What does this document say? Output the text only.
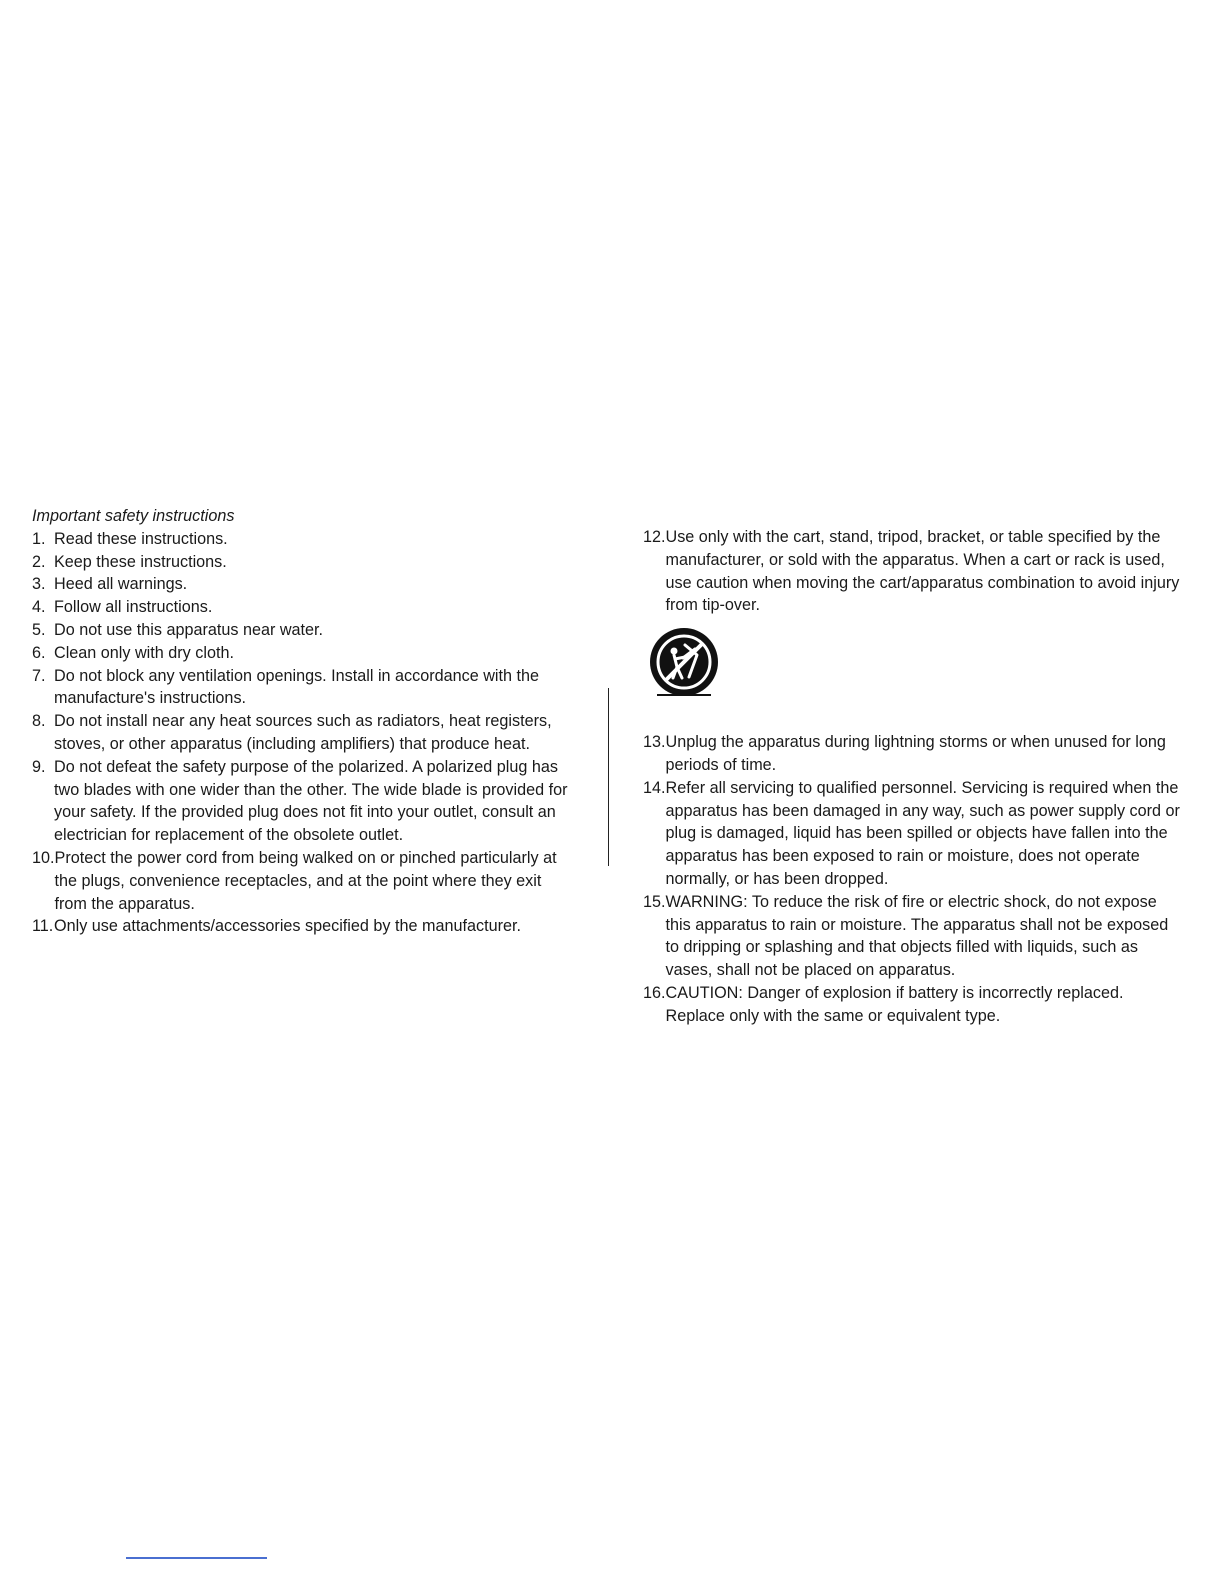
Important safety instructions
1. Read these instructions.
2. Keep these instructions.
3. Heed all warnings.
4. Follow all instructions.
5. Do not use this apparatus near water.
6. Clean only with dry cloth.
7. Do not block any ventilation openings. Install in accordance with the manufacture's instructions.
8. Do not install near any heat sources such as radiators, heat registers, stoves, or other apparatus (including amplifiers) that produce heat.
9. Do not defeat the safety purpose of the polarized. A polarized plug has two blades with one wider than the other. The wide blade is provided for your safety. If the provided plug does not fit into your outlet, consult an electrician for replacement of the obsolete outlet.
10. Protect the power cord from being walked on or pinched particularly at the plugs, convenience receptacles, and at the point where they exit from the apparatus.
11. Only use attachments/accessories specified by the manufacturer.
12. Use only with the cart, stand, tripod, bracket, or table specified by the manufacturer, or sold with the apparatus. When a cart or rack is used, use caution when moving the cart/apparatus combination to avoid injury from tip-over.
13. Unplug the apparatus during lightning storms or when unused for long periods of time.
14. Refer all servicing to qualified personnel. Servicing is required when the apparatus has been damaged in any way, such as power supply cord or plug is damaged, liquid has been spilled or objects have fallen into the apparatus has been exposed to rain or moisture, does not operate normally, or has been dropped.
15. WARNING: To reduce the risk of fire or electric shock, do not expose this apparatus to rain or moisture. The apparatus shall not be exposed to dripping or splashing and that objects filled with liquids, such as vases, shall not be placed on apparatus.
16. CAUTION: Danger of explosion if battery is incorrectly replaced. Replace only with the same or equivalent type.
